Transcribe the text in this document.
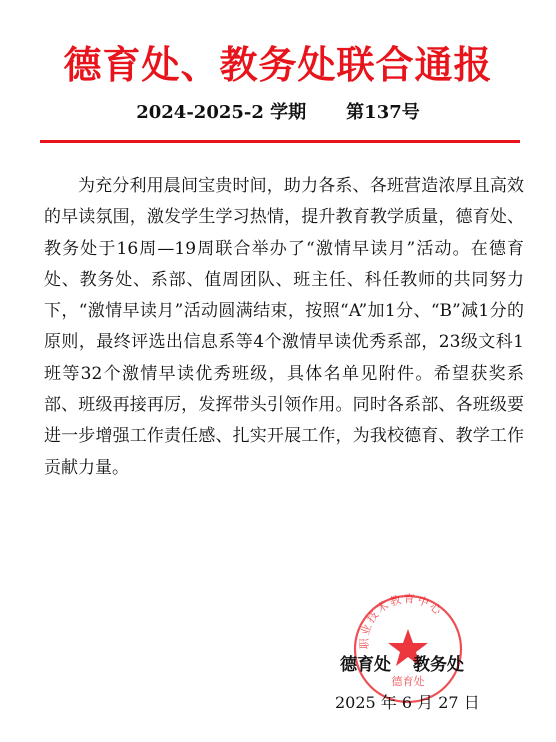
德育处、教务处联合通报
2024-2025-2 学期 第137号
为充分利用晨间宝贵时间，助力各系、各班营造浓厚且高效的早读氛围，激发学生学习热情，提升教育教学质量，德育处、教务处于16周—19周联合举办了“激情早读月”活动。在德育处、教务处、系部、值周团队、班主任、科任教师的共同努力下，“激情早读月”活动圆满结束，按照“A”加1分、“B”减1分的原则，最终评选出信息系等4个激情早读优秀系部，23级文科1班等32个激情早读优秀班级，具体名单见附件。希望获奖系部、班级再接再厉，发挥带头引领作用。同时各系部、各班级要进一步增强工作责任感、扎实开展工作，为我校德育、教学工作贡献力量。
职业技术教育中心
德育处
德育处 教务处
2025 年 6 月 27 日
